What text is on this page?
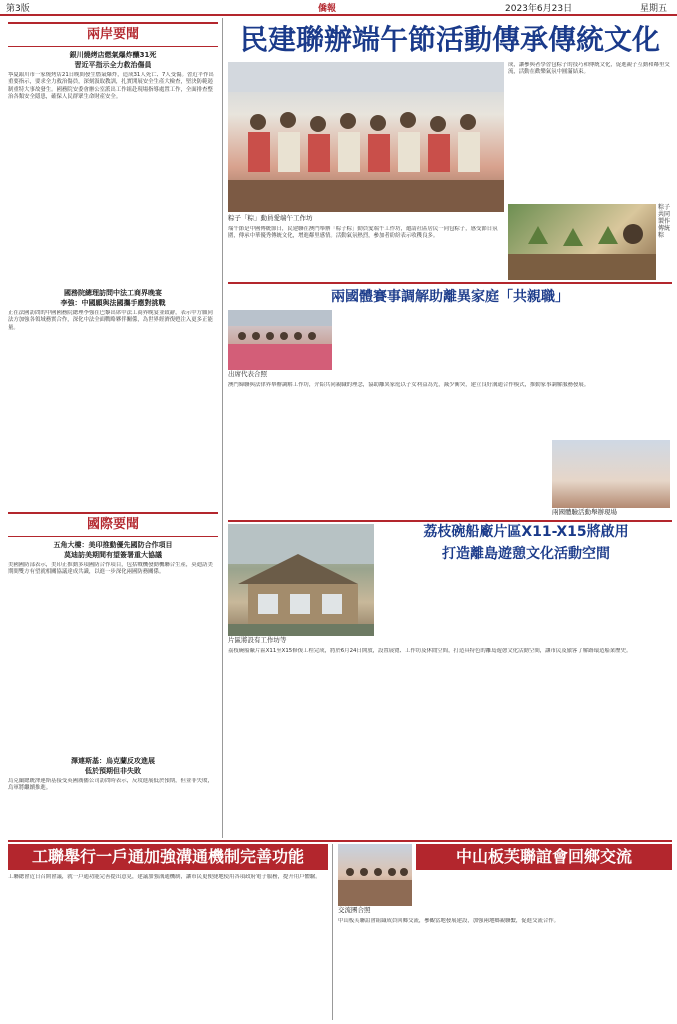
第3版	僑報	2023年6月23日	星期五
兩岸要聞
銀川燒烤店燃氣爆炸釀31死
習近平指示全力救治傷員
寧夏銀川市一家燒烤店21日晚間發生燃氣爆炸，造成31人死亡、7人受傷。習近平作出重要指示，要求全力救治傷員，深刻汲取教訓，扎實開展安全生產大檢查，堅決防範遏制重特大事故發生。國務院安委會辦公室派出工作組赴現場指導處置工作，全面排查整治各類安全隱患，確保人民群眾生命財產安全。
國務院總理訪問中法工商界晚宴
李強：中國願與法國攜手應對挑戰
正在法國訪問的中國國務院總理李強在巴黎出席中法工商界晚宴並致辭，表示中方願同法方加強各領域務實合作，深化中法全面戰略夥伴關係，為世界經濟復甦注入更多正能量。
國際要聞
五角大樓：美印推動優先國防合作項目
莫迪訪美期間有望簽署重大協議
美國國防部表示，美印正推動多項國防合作項目，包括戰機發動機聯合生產，莫迪訪美期間雙方有望就相關協議達成共識，以進一步深化兩國防務關係。
澤連斯基：烏克蘭反攻進展
低於預期但非失敗
烏克蘭總統澤連斯基接受英國廣播公司訪問時表示，反攻進展低於預期，但並非失敗，烏軍將繼續推進。
民建聯辦端午節活動傳承傳統文化
粽子「粽」動員愛端午工作坊
端午節是中國傳統節日，民建聯在澳門舉辦「粽子粽」動員愛端午工作坊，邀請社區居民一同包粽子，感受節日氛圍，傳承中華優秀傳統文化，增進鄰里感情。活動氣氛熱烈，參加者紛紛表示收穫良多。
成，讓參與者學習包粽子的技巧和傳統文化，促進親子互動和鄰里交流，活動在歡樂氣氛中圓滿結束。
粽子共同製作傳統粽
兩國體賽事調解助離異家庭「共親職」
出席代表合照
澳門婦聯與法律界舉辦調解工作坊，介紹共同親職的理念，協助離異家庭以子女利益為先，減少衝突，建立良好溝通合作模式，推動家事調解服務發展。
兩國體驗活動舉辦現場
荔枝碗船廠片區X11-X15將啟用
打造離島遊憩文化活動空間
片區將設有工作坊等
荔枝碗船廠片區X11至X15修復工程完成，將於6月24日開放，設置展覽、工作坊及休閒空間，打造具特色的離島遊憩文化活動空間，讓市民及旅客了解路環造船業歷史。
工聯舉行一戶通加強溝通機制完善功能
工聯總會近日召開會議，就一戶通功能完善提出意見，建議加強溝通機制，讓市民更便捷地使用各項政府電子服務，提升用戶體驗。
中山板芙聯誼會回鄉交流
交流團合照
中山板芙聯誼會組織成員回鄉交流，參觀當地發展建設，加強兩地鄉親聯繫，促進交流合作。
